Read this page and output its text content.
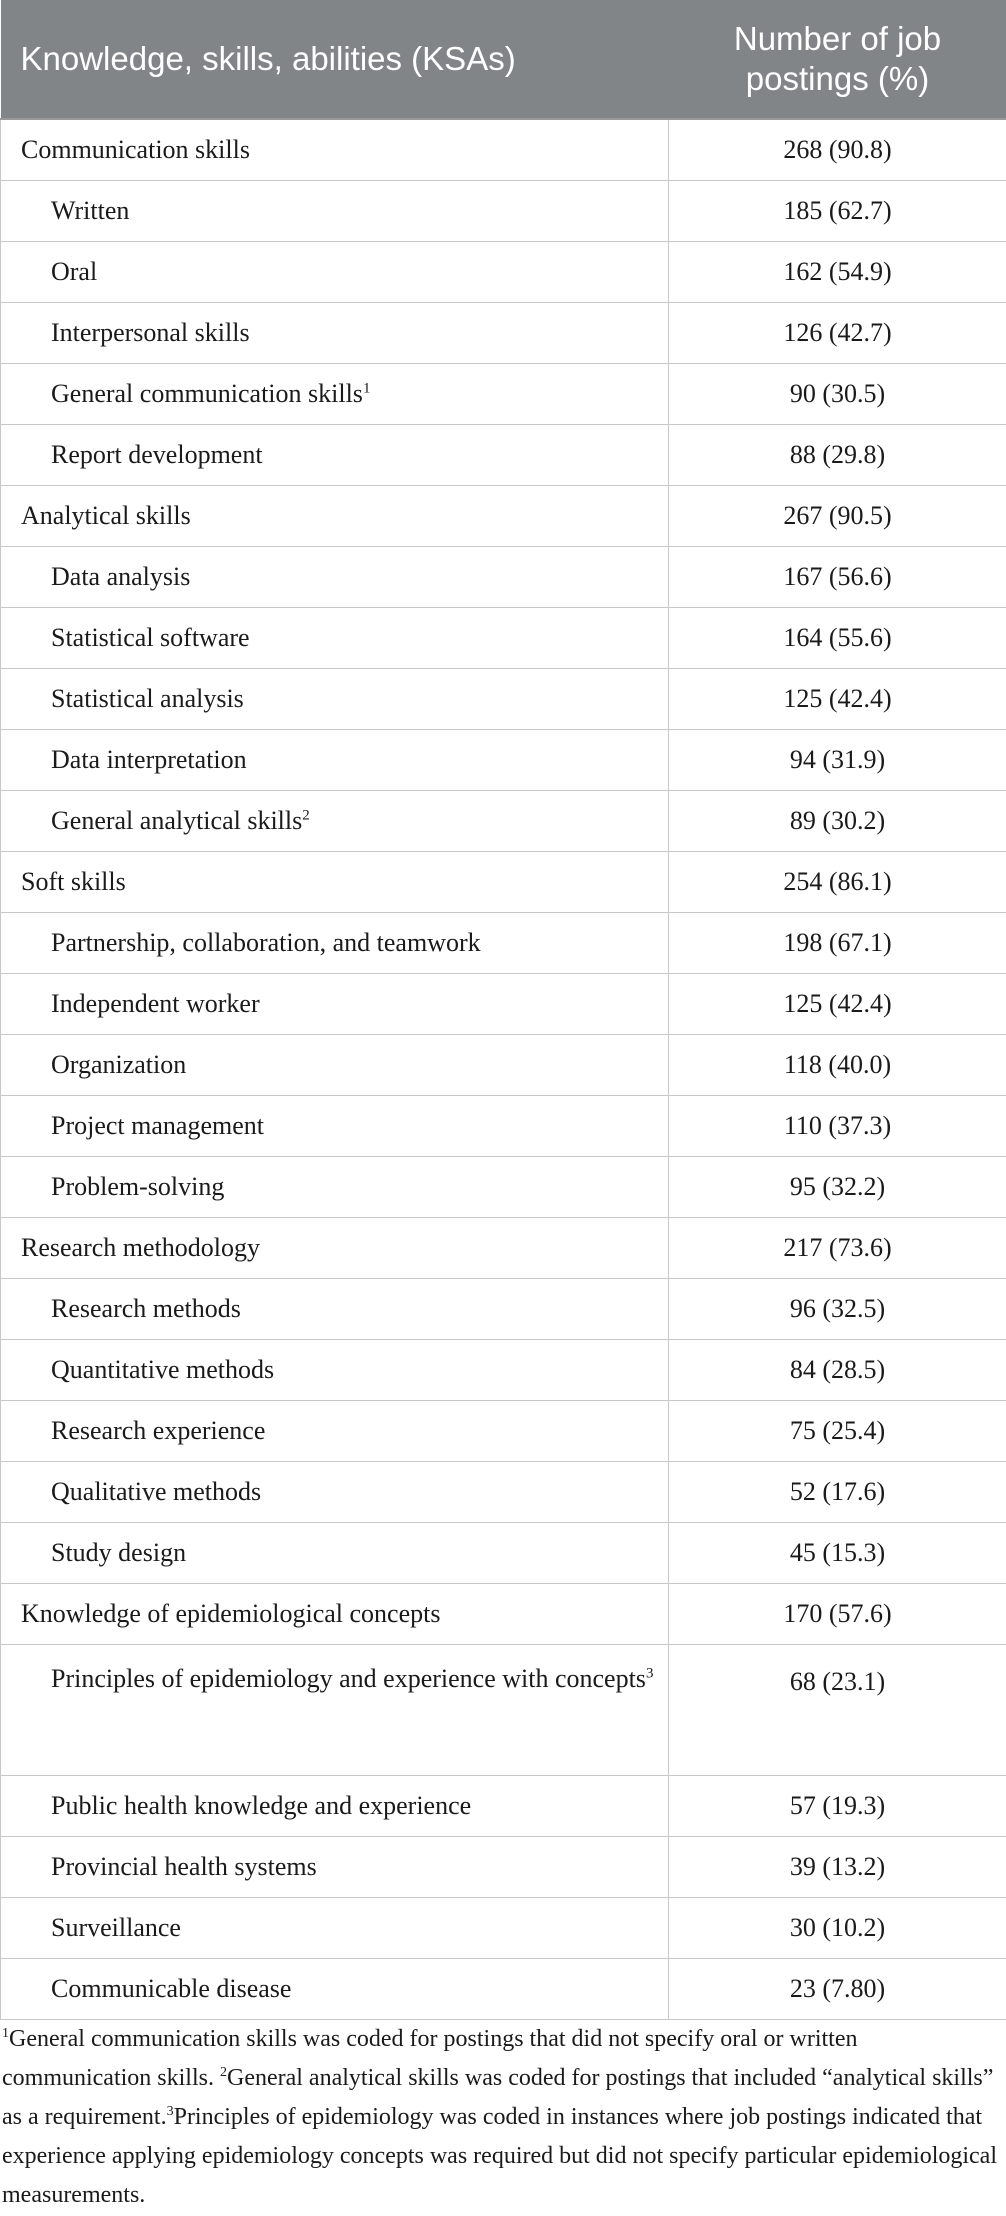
Knowledge, skills, abilities (KSAs)	Number of job
postings (%)
Communication skills	268 (90.8)
Written	185 (62.7)
Oral	162 (54.9)
Interpersonal skills	126 (42.7)
General communication skills$^1$	90 (30.5)
Report development	88 (29.8)
Analytical skills	267 (90.5)
Data analysis	167 (56.6)
Statistical software	164 (55.6)
Statistical analysis	125 (42.4)
Data interpretation	94 (31.9)
General analytical skills$^2$	89 (30.2)
Soft skills	254 (86.1)
Partnership, collaboration, and teamwork	198 (67.1)
Independent worker	125 (42.4)
Organization	118 (40.0)
Project management	110 (37.3)
Problem-solving	95 (32.2)
Research methodology	217 (73.6)
Research methods	96 (32.5)
Quantitative methods	84 (28.5)
Research experience	75 (25.4)
Qualitative methods	52 (17.6)
Study design	45 (15.3)
Knowledge of epidemiological concepts	170 (57.6)
Principles of epidemiology and experience with concepts$^3$	68 (23.1)
Public health knowledge and experience	57 (19.3)
Provincial health systems	39 (13.2)
Surveillance	30 (10.2)
Communicable disease	23 (7.80)
$^1$General communication skills was coded for postings that did not specify oral or written communication skills. $^2$General analytical skills was coded for postings that included “analytical skills” as a requirement.$^3$Principles of epidemiology was coded in instances where job postings indicated that experience applying epidemiology concepts was required but did not specify particular epidemiological measurements.
